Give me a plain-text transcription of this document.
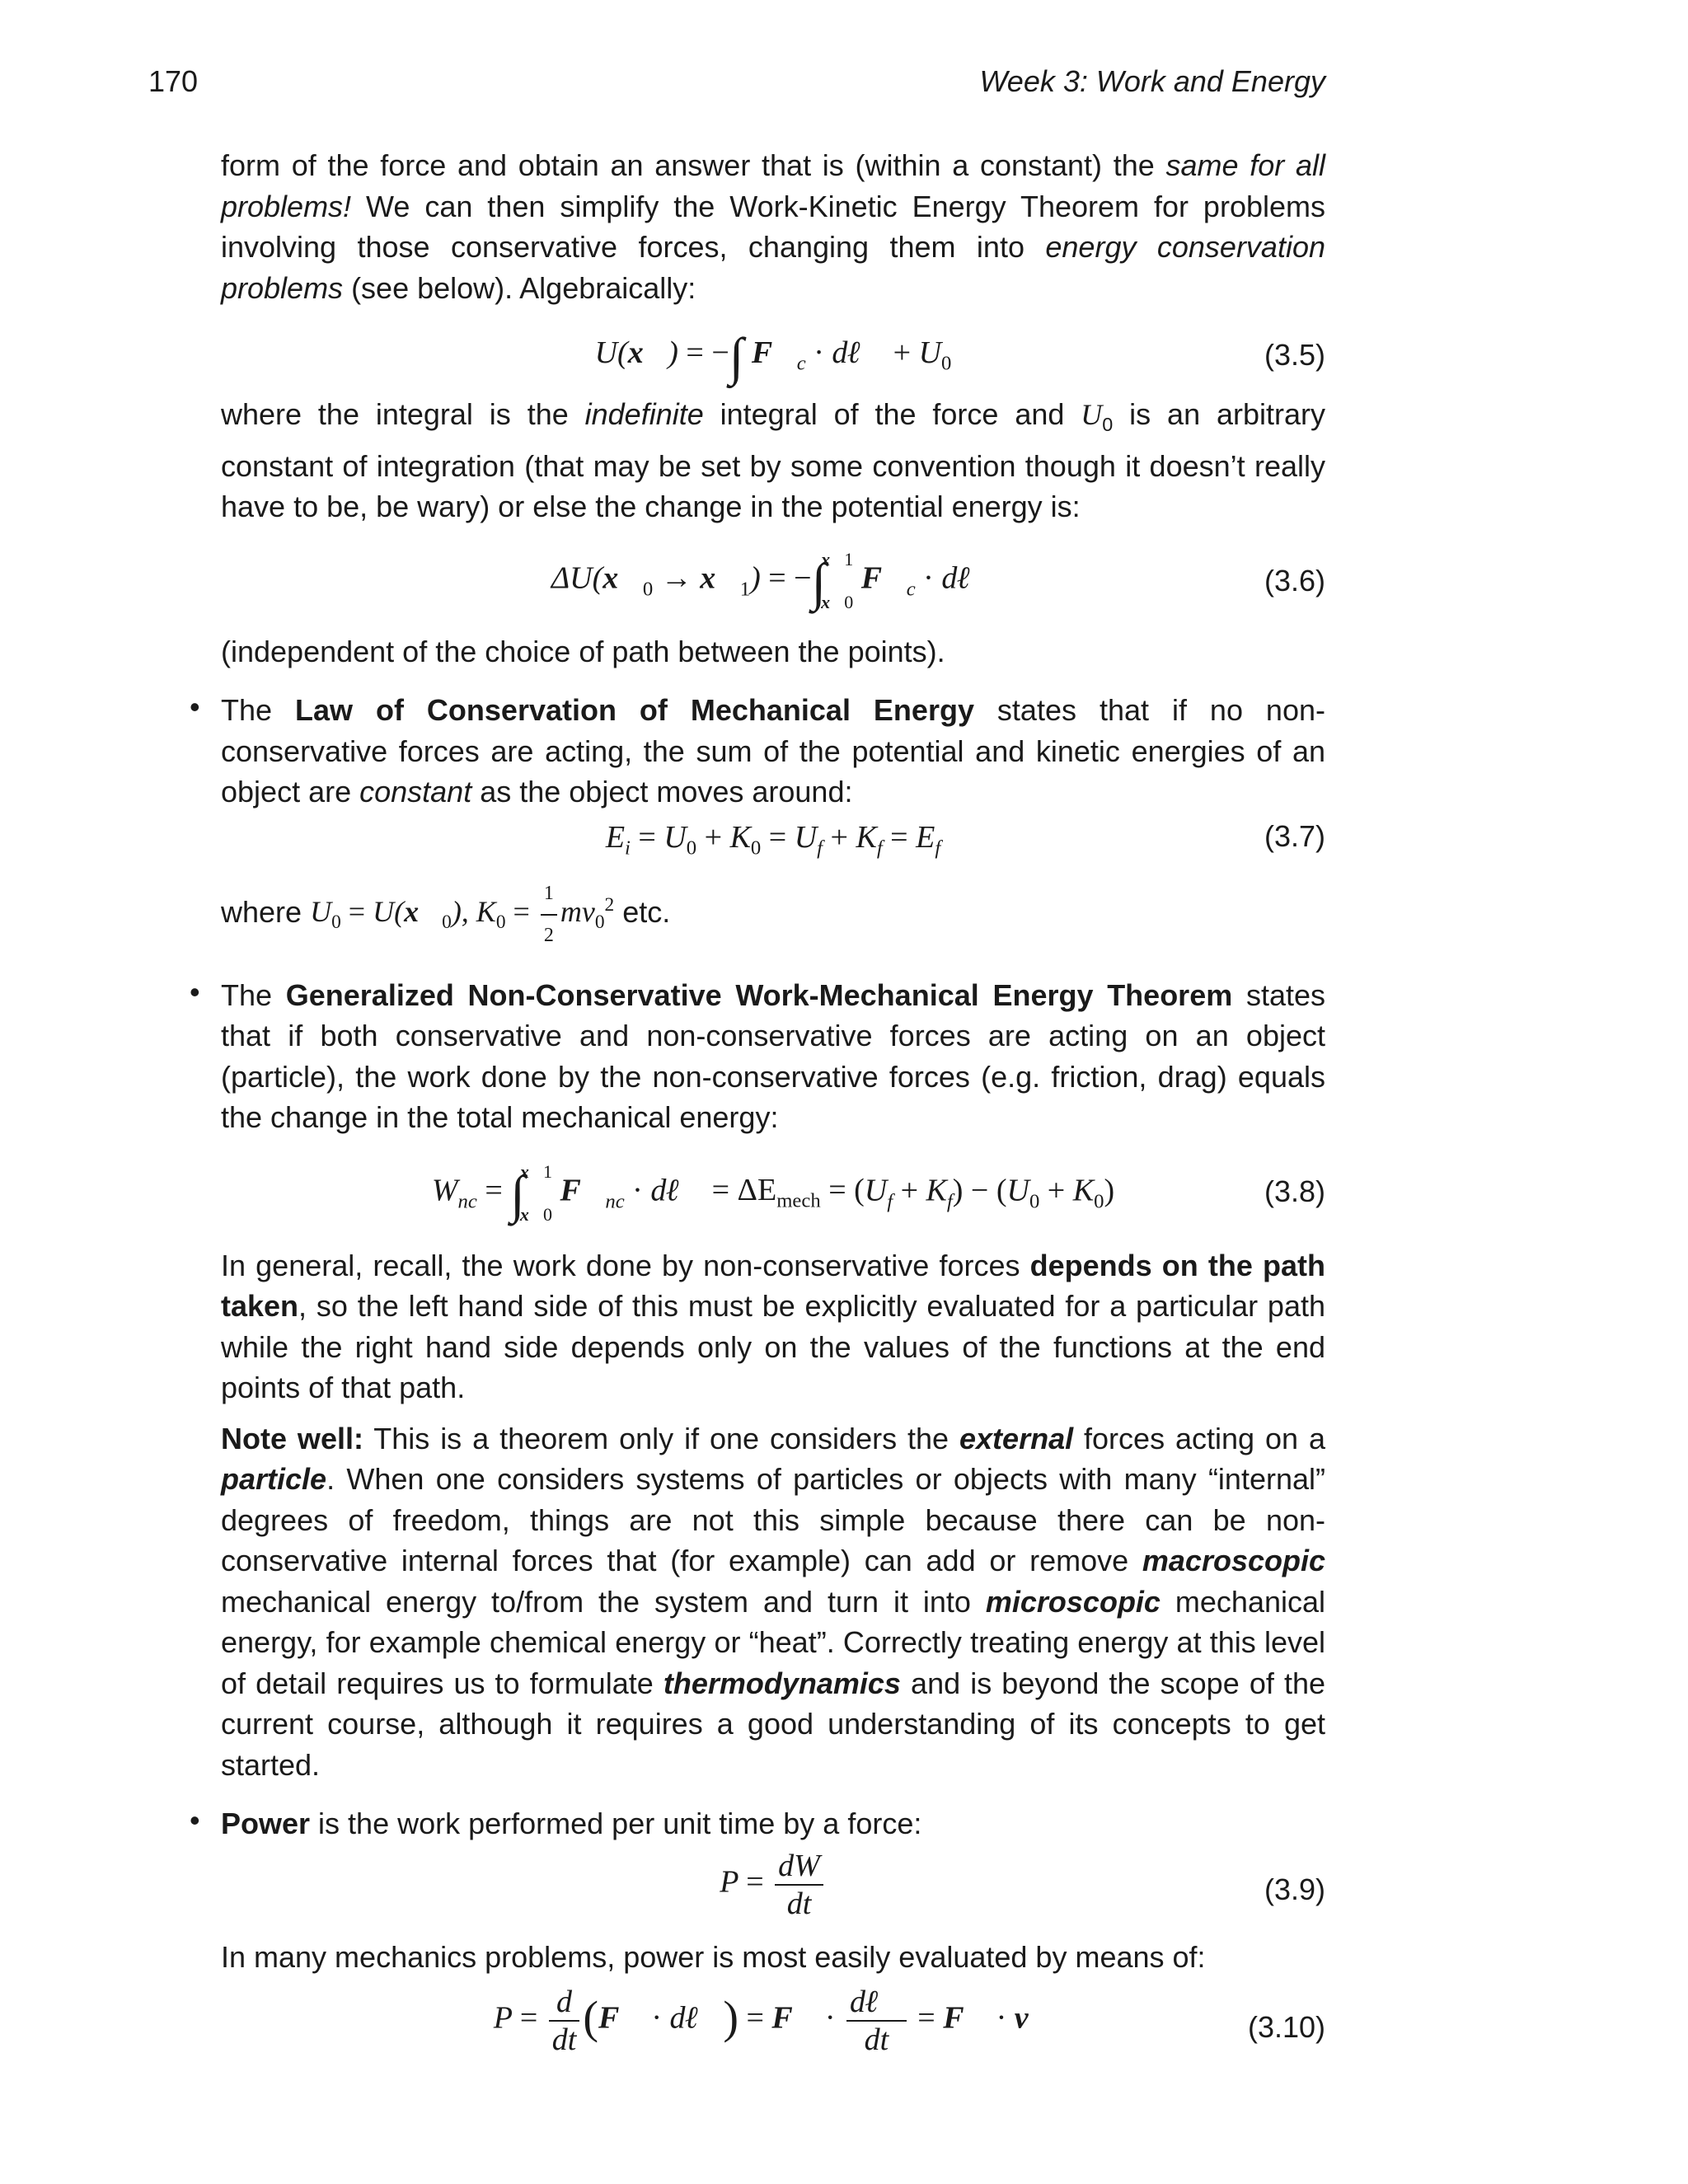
170	Week 3: Work and Energy

form of the force and obtain an answer that is (within a constant) the same for all problems! We can then simplify the Work-Kinetic Energy Theorem for problems involving those conservative forces, changing them into energy conservation problems (see below). Algebraically:

U(x⃗) = −∫ $F⃗_c$ · dℓ⃗ + $U_0$	(3.5)

where the integral is the indefinite integral of the force and $U_0$ is an arbitrary constant of integration (that may be set by some convention though it doesn’t really have to be, be wary) or else the change in the potential energy is:

$\Delta U(x⃗_0$ → $x⃗_1$) = −∫x⃗1

x⃗0 $F⃗_c$ · dℓ⃗	(3.6)

(independent of the choice of path between the points).

• The Law of Conservation of Mechanical Energy states that if no non-conservative forces are acting, the sum of the potential and kinetic energies of an object are constant as the object moves around:

$E_i = U_0 + K_0 = U_f + K_f = E_f$	(3.7)

where $U_0$ = $U(x⃗_0)$, $K_0 = \frac{1}{2} mv_0^2$ etc.

• The Generalized Non-Conservative Work-Mechanical Energy Theorem states that if both conservative and non-conservative forces are acting on an object (particle), the work done by the non-conservative forces (e.g. friction, drag) equals the change in the total mechanical energy:

$W_{nc}$ = ∫x⃗1

x⃗0 $F⃗_{nc}$ · dℓ⃗ = $\Delta E_{mech} = (U_f + K_f) - (U_0 + K_0)$	(3.8)

In general, recall, the work done by non-conservative forces depends on the path taken, so the left hand side of this must be explicitly evaluated for a particular path while the right hand side depends only on the values of the functions at the end points of that path.

Note well: This is a theorem only if one considers the external forces acting on a particle. When one considers systems of particles or objects with many “internal” degrees of freedom, things are not this simple because there can be non-conservative internal forces that (for example) can add or remove macroscopic mechanical energy to/from the system and turn it into microscopic mechanical energy, for example chemical energy or “heat”. Correctly treating energy at this level of detail requires us to formulate thermodynamics and is beyond the scope of the current course, although it requires a good understanding of its concepts to get started.

• Power is the work performed per unit time by a force:

$P = \frac{dW}{dt}$	(3.9)

In many mechanics problems, power is most easily evaluated by means of:

$P = \frac{d}{dt}$ (F⃗ · dℓ⃗) = F⃗ · $\frac{\text{dℓ⃗}}{dt}$ = F⃗ · v⃗	(3.10)
